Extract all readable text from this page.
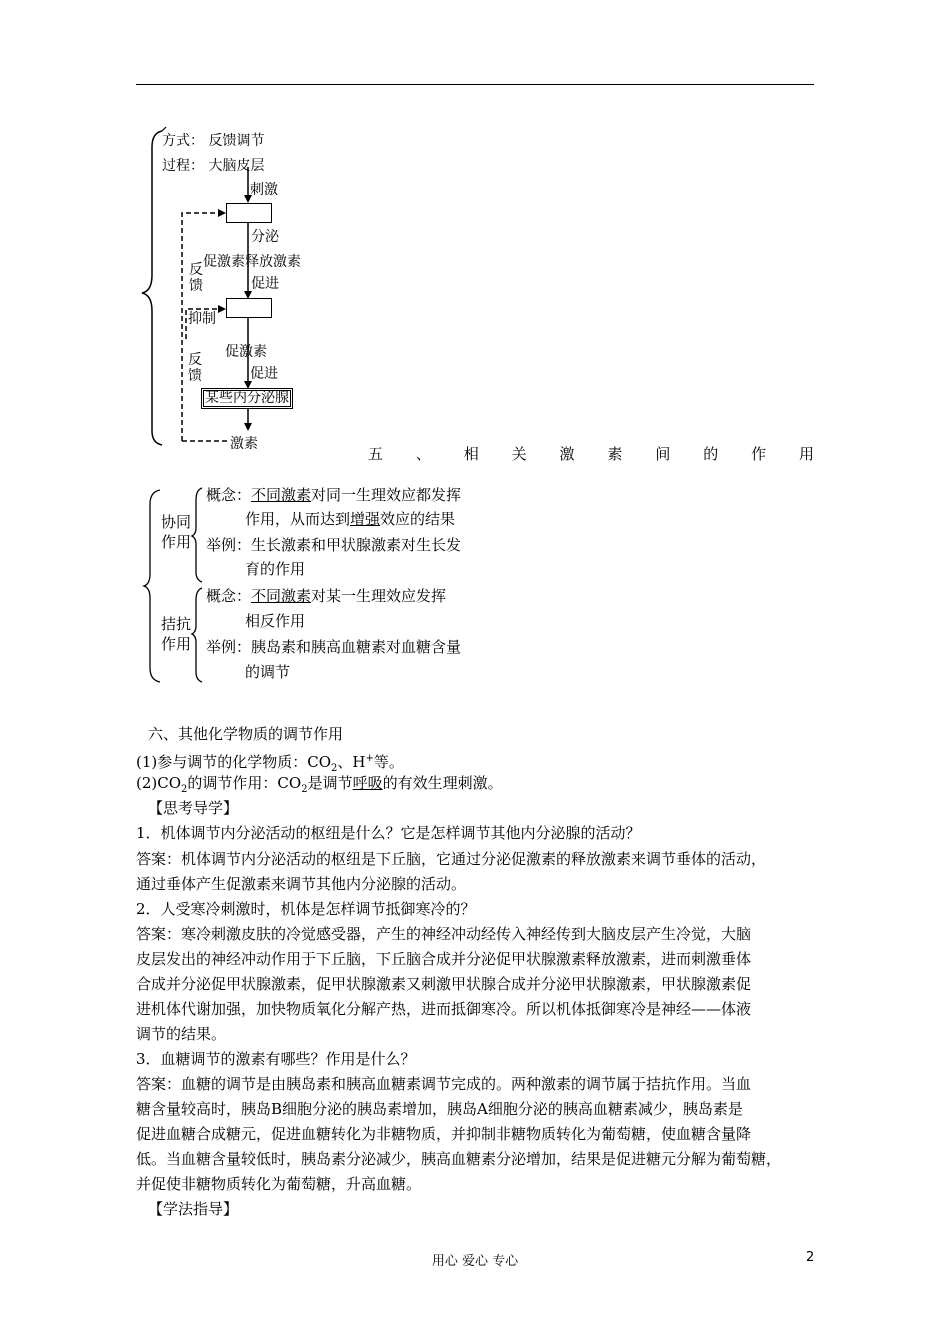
方式： 反馈调节
过程： 大脑皮层
刺激
分泌
促激素释放激素
促进
反
馈
抑制
反
馈
促激素
促进
某些内分泌腺
激素
五、相关激素间的作用
协同
作用
拮抗
作用
概念：不同激素对同一生理效应都发挥
作用，从而达到增强效应的结果
举例：生长激素和甲状腺激素对生长发
育的作用
概念：不同激素对某一生理效应发挥
相反作用
举例：胰岛素和胰高血糖素对血糖含量
的调节
六、其他化学物质的调节作用
(1)参与调节的化学物质：$CO_2$、H+等。
$(2)CO_2$的调节作用：$CO_2$是调节呼吸的有效生理刺激。
【思考导学】
1．机体调节内分泌活动的枢纽是什么？它是怎样调节其他内分泌腺的活动？
答案：机体调节内分泌活动的枢纽是下丘脑，它通过分泌促激素的释放激素来调节垂体的活动，
通过垂体产生促激素来调节其他内分泌腺的活动。
2．人受寒冷刺激时，机体是怎样调节抵御寒冷的？
答案：寒冷刺激皮肤的冷觉感受器，产生的神经冲动经传入神经传到大脑皮层产生冷觉，大脑
皮层发出的神经冲动作用于下丘脑，下丘脑合成并分泌促甲状腺激素释放激素，进而刺激垂体
合成并分泌促甲状腺激素，促甲状腺激素又刺激甲状腺合成并分泌甲状腺激素，甲状腺激素促
进机体代谢加强，加快物质氧化分解产热，进而抵御寒冷。所以机体抵御寒冷是神经——体液
调节的结果。
3．血糖调节的激素有哪些？作用是什么？
答案：血糖的调节是由胰岛素和胰高血糖素调节完成的。两种激素的调节属于拮抗作用。当血
糖含量较高时，胰岛B细胞分泌的胰岛素增加，胰岛A细胞分泌的胰高血糖素减少，胰岛素是
促进血糖合成糖元，促进血糖转化为非糖物质，并抑制非糖物质转化为葡萄糖，使血糖含量降
低。当血糖含量较低时，胰岛素分泌减少，胰高血糖素分泌增加，结果是促进糖元分解为葡萄糖，
并促使非糖物质转化为葡萄糖，升高血糖。
【学法指导】
用心 爱心 专心	2
